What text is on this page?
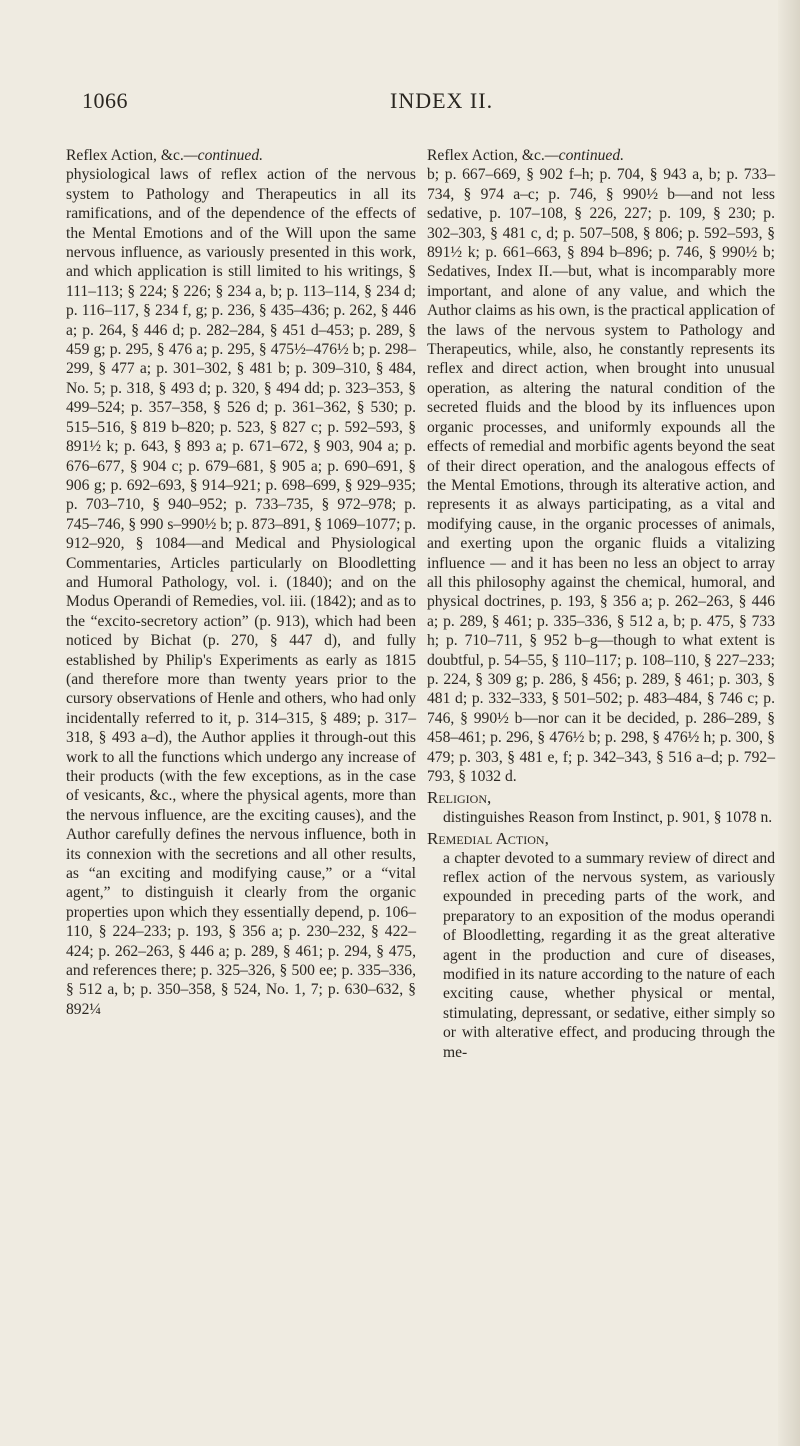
1066	INDEX II.

Reflex Action, &c.—continued.
physiological laws of reflex action of the nervous system to Pathology and Therapeutics in all its ramifications, and of the dependence of the effects of the Mental Emotions and of the Will upon the same nervous influence, as variously presented in this work, and which application is still limited to his writings, § 111–113; § 224; § 226; § 234 a, b; p. 113–114, § 234 d; p. 116–117, § 234 f, g; p. 236, § 435–436; p. 262, § 446 a; p. 264, § 446 d; p. 282–284, § 451 d–453; p. 289, § 459 g; p. 295, § 476 a; p. 295, § 475½–476½ b; p. 298–299, § 477 a; p. 301–302, § 481 b; p. 309–310, § 484, No. 5; p. 318, § 493 d; p. 320, § 494 dd; p. 323–353, § 499–524; p. 357–358, § 526 d; p. 361–362, § 530; p. 515–516, § 819 b–820; p. 523, § 827 c; p. 592–593, § 891½ k; p. 643, § 893 a; p. 671–672, § 903, 904 a; p. 676–677, § 904 c; p. 679–681, § 905 a; p. 690–691, § 906 g; p. 692–693, § 914–921; p. 698–699, § 929–935; p. 703–710, § 940–952; p. 733–735, § 972–978; p. 745–746, § 990 s–990½ b; p. 873–891, § 1069–1077; p. 912–920, § 1084—and Medical and Physiological Commentaries, Articles particularly on Bloodletting and Humoral Pathology, vol. i. (1840); and on the Modus Operandi of Remedies, vol. iii. (1842); and as to the “excito-secretory action” (p. 913), which had been noticed by Bichat (p. 270, § 447 d), and fully established by Philip's Experiments as early as 1815 (and therefore more than twenty years prior to the cursory observations of Henle and others, who had only incidentally referred to it, p. 314–315, § 489; p. 317–318, § 493 a–d), the Author applies it through-out this work to all the functions which undergo any increase of their products (with the few exceptions, as in the case of vesicants, &c., where the physical agents, more than the nervous influence, are the exciting causes), and the Author carefully defines the nervous influence, both in its connexion with the secretions and all other results, as “an exciting and modifying cause,” or a “vital agent,” to distinguish it clearly from the organic properties upon which they essentially depend, p. 106–110, § 224–233; p. 193, § 356 a; p. 230–232, § 422–424; p. 262–263, § 446 a; p. 289, § 461; p. 294, § 475, and references there; p. 325–326, § 500 ee; p. 335–336, § 512 a, b; p. 350–358, § 524, No. 1, 7; p. 630–632, § 892¼

Reflex Action, &c.—continued.
b; p. 667–669, § 902 f–h; p. 704, § 943 a, b; p. 733–734, § 974 a–c; p. 746, § 990½ b—and not less sedative, p. 107–108, § 226, 227; p. 109, § 230; p. 302–303, § 481 c, d; p. 507–508, § 806; p. 592–593, § 891½ k; p. 661–663, § 894 b–896; p. 746, § 990½ b; Sedatives, Index II.—but, what is incomparably more important, and alone of any value, and which the Author claims as his own, is the practical application of the laws of the nervous system to Pathology and Therapeutics, while, also, he constantly represents its reflex and direct action, when brought into unusual operation, as altering the natural condition of the secreted fluids and the blood by its influences upon organic processes, and uniformly expounds all the effects of remedial and morbific agents beyond the seat of their direct operation, and the analogous effects of the Mental Emotions, through its alterative action, and represents it as always participating, as a vital and modifying cause, in the organic processes of animals, and exerting upon the organic fluids a vitalizing influence — and it has been no less an object to array all this philosophy against the chemical, humoral, and physical doctrines, p. 193, § 356 a; p. 262–263, § 446 a; p. 289, § 461; p. 335–336, § 512 a, b; p. 475, § 733 h; p. 710–711, § 952 b–g—though to what extent is doubtful, p. 54–55, § 110–117; p. 108–110, § 227–233; p. 224, § 309 g; p. 286, § 456; p. 289, § 461; p. 303, § 481 d; p. 332–333, § 501–502; p. 483–484, § 746 c; p. 746, § 990½ b—nor can it be decided, p. 286–289, § 458–461; p. 296, § 476½ b; p. 298, § 476½ h; p. 300, § 479; p. 303, § 481 e, f; p. 342–343, § 516 a–d; p. 792–793, § 1032 d.

Religion,

distinguishes Reason from Instinct, p. 901, § 1078 n.

Remedial Action,

a chapter devoted to a summary review of direct and reflex action of the nervous system, as variously expounded in preceding parts of the work, and preparatory to an exposition of the modus operandi of Bloodletting, regarding it as the great alterative agent in the production and cure of diseases, modified in its nature according to the nature of each exciting cause, whether physical or mental, stimulating, depressant, or sedative, either simply so or with alterative effect, and producing through the me-
